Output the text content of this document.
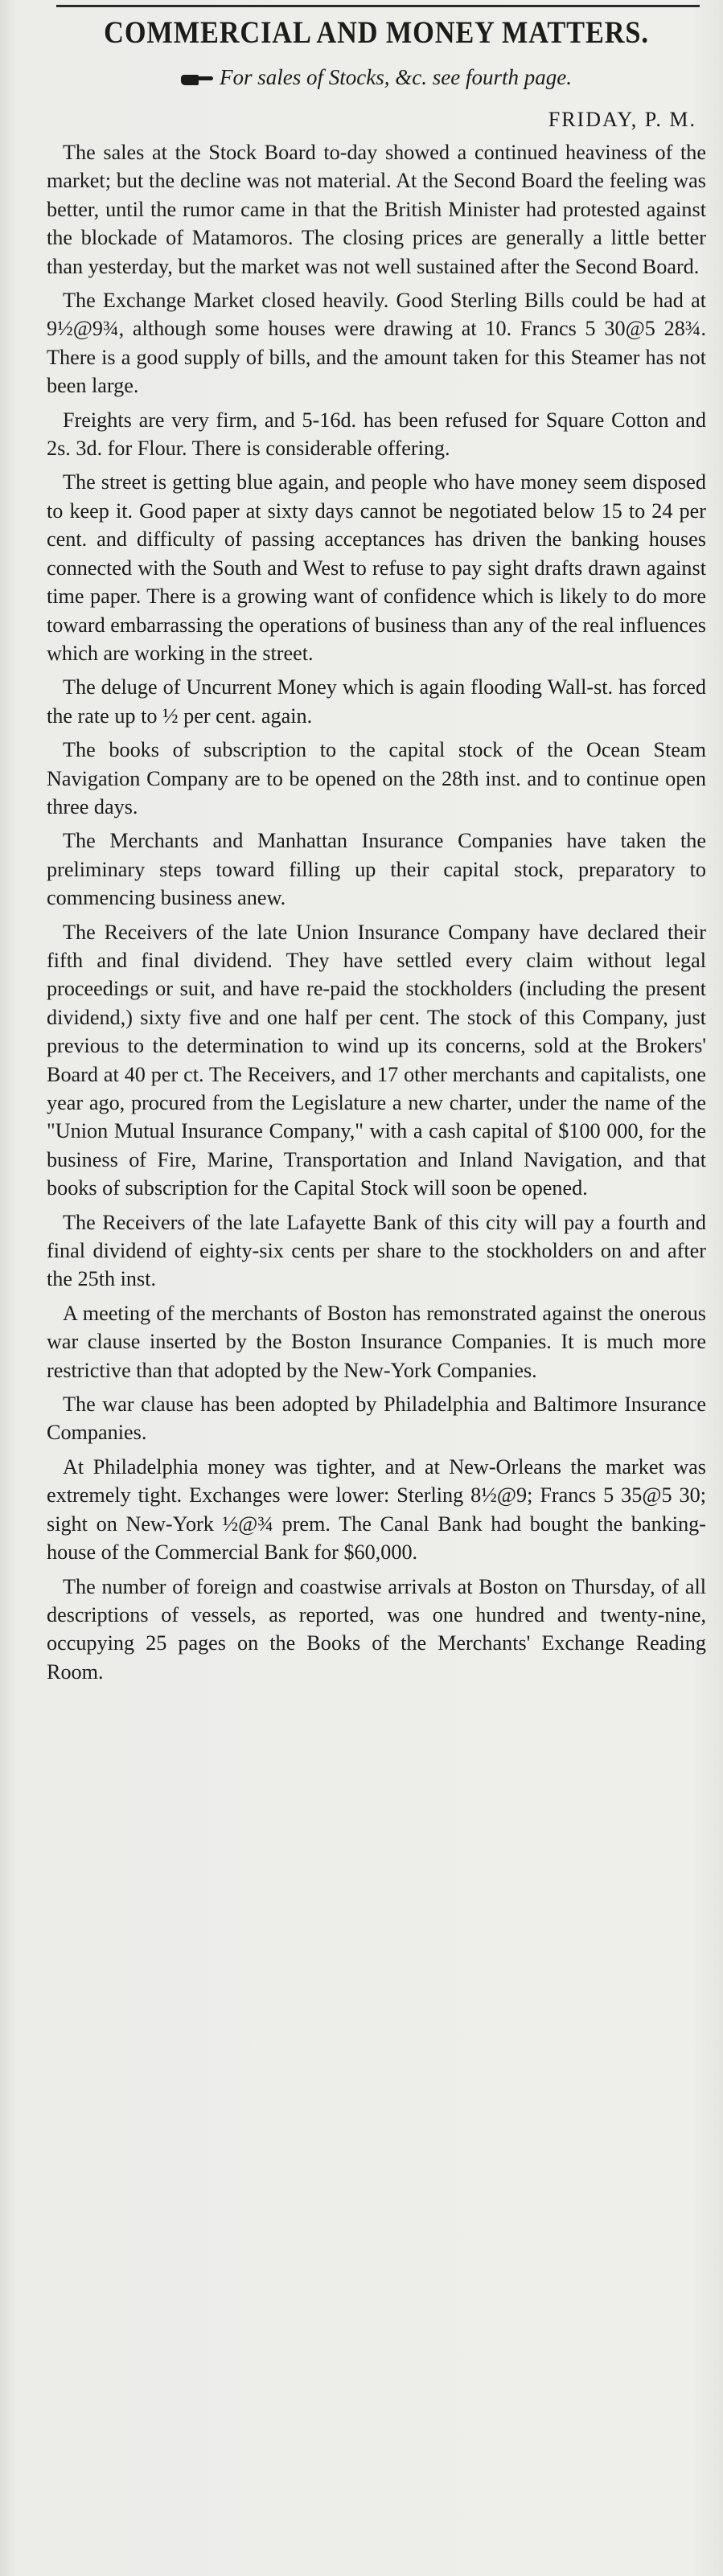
COMMERCIAL AND MONEY MATTERS.
For sales of Stocks, &c. see fourth page.
FRIDAY, P. M.

The sales at the Stock Board to-day showed a continued heaviness of the market; but the decline was not material. At the Second Board the feeling was better, until the rumor came in that the British Minister had protested against the blockade of Matamoros. The closing prices are generally a little better than yesterday, but the market was not well sustained after the Second Board.

The Exchange Market closed heavily. Good Sterling Bills could be had at 9½@9¾, although some houses were drawing at 10. Francs 5 30@5 28¾. There is a good supply of bills, and the amount taken for this Steamer has not been large.

Freights are very firm, and 5-16d. has been refused for Square Cotton and 2s. 3d. for Flour. There is considerable offering.

The street is getting blue again, and people who have money seem disposed to keep it. Good paper at sixty days cannot be negotiated below 15 to 24 per cent. and difficulty of passing acceptances has driven the banking houses connected with the South and West to refuse to pay sight drafts drawn against time paper. There is a growing want of confidence which is likely to do more toward embarrassing the operations of business than any of the real influences which are working in the street.

The deluge of Uncurrent Money which is again flooding Wall-st. has forced the rate up to ½ per cent. again.

The books of subscription to the capital stock of the Ocean Steam Navigation Company are to be opened on the 28th inst. and to continue open three days.

The Merchants and Manhattan Insurance Companies have taken the preliminary steps toward filling up their capital stock, preparatory to commencing business anew.

The Receivers of the late Union Insurance Company have declared their fifth and final dividend. They have settled every claim without legal proceedings or suit, and have re-paid the stockholders (including the present dividend,) sixty five and one half per cent. The stock of this Company, just previous to the determination to wind up its concerns, sold at the Brokers' Board at 40 per ct. The Receivers, and 17 other merchants and capitalists, one year ago, procured from the Legislature a new charter, under the name of the "Union Mutual Insurance Company," with a cash capital of $100 000, for the business of Fire, Marine, Transportation and Inland Navigation, and that books of subscription for the Capital Stock will soon be opened.

The Receivers of the late Lafayette Bank of this city will pay a fourth and final dividend of eighty-six cents per share to the stockholders on and after the 25th inst.

A meeting of the merchants of Boston has remonstrated against the onerous war clause inserted by the Boston Insurance Companies. It is much more restrictive than that adopted by the New-York Companies.

The war clause has been adopted by Philadelphia and Baltimore Insurance Companies.

At Philadelphia money was tighter, and at New-Orleans the market was extremely tight. Exchanges were lower: Sterling 8½@9; Francs 5 35@5 30; sight on New-York ½@¾ prem. The Canal Bank had bought the banking-house of the Commercial Bank for $60,000.

The number of foreign and coastwise arrivals at Boston on Thursday, of all descriptions of vessels, as reported, was one hundred and twenty-nine, occupying 25 pages on the Books of the Merchants' Exchange Reading Room.
